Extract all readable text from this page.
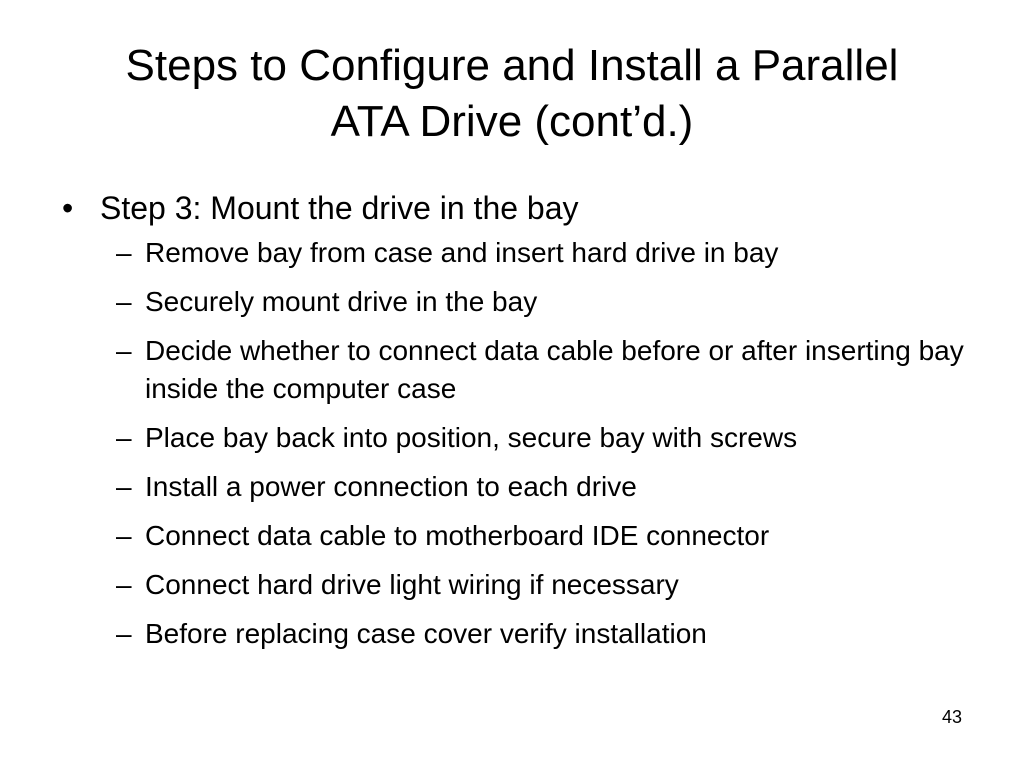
Steps to Configure and Install a Parallel
ATA Drive (cont’d.)
• Step 3: Mount the drive in the bay
– Remove bay from case and insert hard drive in bay
– Securely mount drive in the bay
– Decide whether to connect data cable before or after inserting bay inside the computer case
– Place bay back into position, secure bay with screws
– Install a power connection to each drive
– Connect data cable to motherboard IDE connector
– Connect hard drive light wiring if necessary
– Before replacing case cover verify installation
43
